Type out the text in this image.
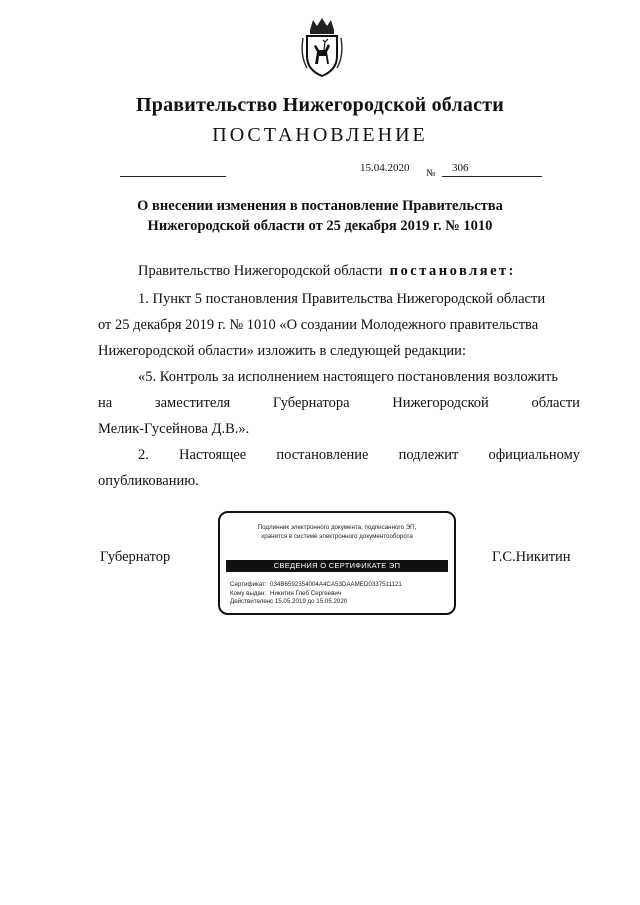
Правительство Нижегородской области
ПОСТАНОВЛЕНИЕ
15.04.2020 № 306
О внесении изменения в постановление Правительства
Нижегородской области от 25 декабря 2019 г. № 1010
Правительство Нижегородской области постановляет:
1. Пункт 5 постановления Правительства Нижегородской области
от 25 декабря 2019 г. № 1010 «О создании Молодежного правительства
Нижегородской области» изложить в следующей редакции:
«5. Контроль за исполнением настоящего постановления возложить
на	заместителя	Губернатора	Нижегородской	области
Мелик-Гусейнова Д.В.».
2. Настоящее постановление подлежит официальному
опубликованию.
Губернатор	Г.С.Никитин
Подлинник электронного документа, подписанного ЭП,
хранится в системе электронного документооборота
СВЕДЕНИЯ О СЕРТИФИКАТЕ ЭП
Сертификат: 034B6592354004A4CA53DAAMED0337511121
Кому выдан: Никитин Глеб Сергеевич
Действителен:с 15.05.2019 до 15.05.2020
